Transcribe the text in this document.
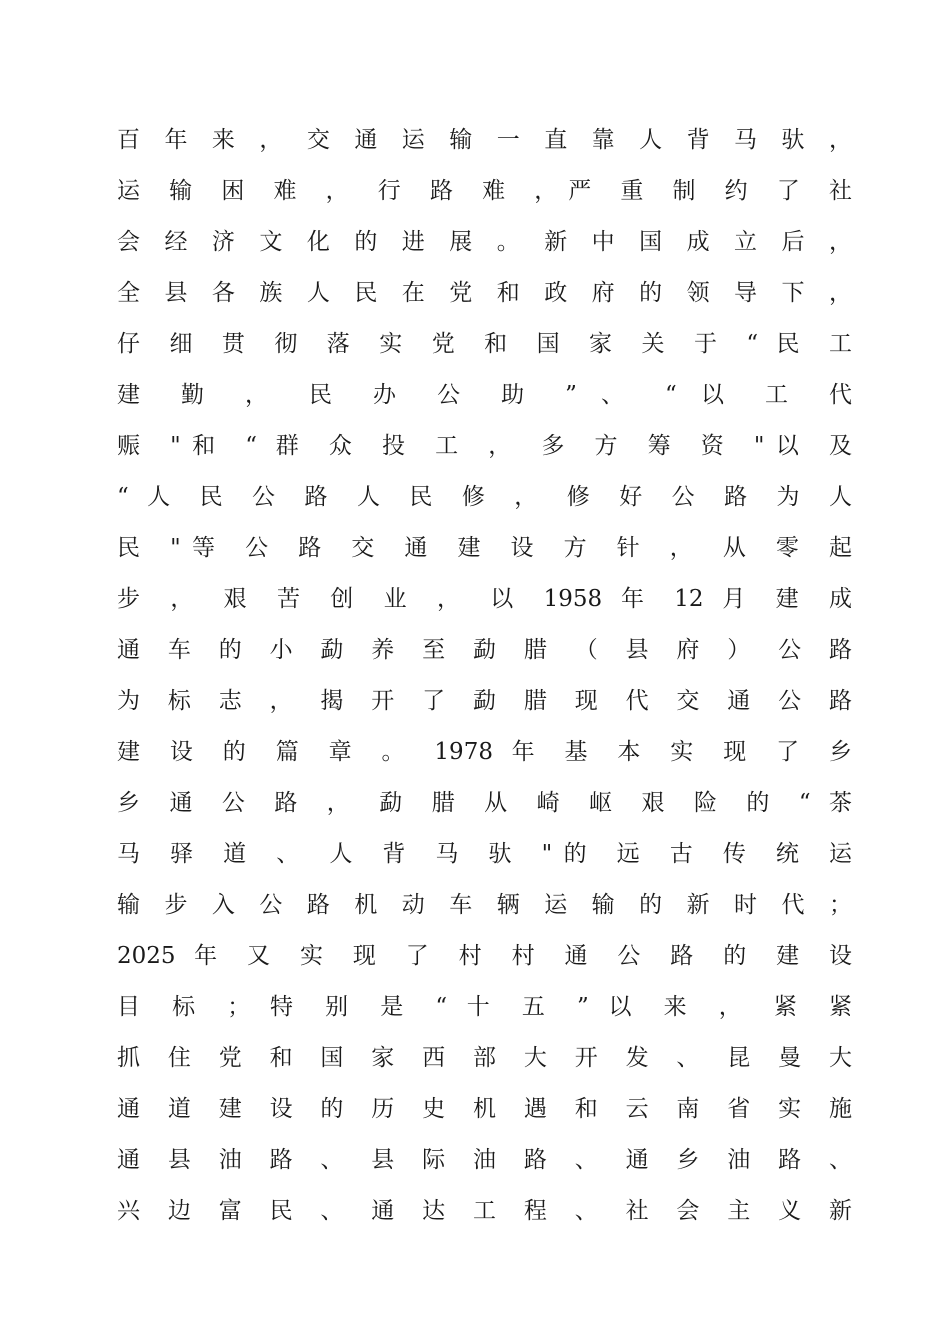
百 年 来 ， 交 通 运 输 一 直 靠 人 背 马 驮 ，
运 输 困 难 ， 行 路 难 ，严 重 制 约 了 社
会 经 济 文 化 的 进 展 。 新 中 国 成 立 后 ，
全 县 各 族 人 民 在 党 和 政 府 的 领 导 下 ，
仔 细 贯 彻 落 实 党 和 国 家 关 于 “ 民 工
建 勤 ， 民 办 公 助 ” 、 “ 以 工 代
赈 "和 “ 群 众 投 工 ， 多 方 筹 资 "以 及
“ 人 民 公 路 人 民 修 ， 修 好 公 路 为 人
民 "等 公 路 交 通 建 设 方 针 ， 从 零 起
步 ， 艰 苦 创 业 ， 以 1958 年 12 月 建 成
通 车 的 小 勐 养 至 勐 腊 （ 县 府 ） 公 路
为 标 志 ， 揭 开 了 勐 腊 现 代 交 通 公 路
建 设 的 篇 章 。 1978 年 基 本 实 现 了 乡
乡 通 公 路 ， 勐 腊 从 崎 岖 艰 险 的 “ 茶
马 驿 道 、 人 背 马 驮 "的 远 古 传 统 运
输 步 入 公 路 机 动 车 辆 运 输 的 新 时 代 ；
2025 年 又 实 现 了 村 村 通 公 路 的 建 设
目 标 ； 特 别 是 “ 十 五 ” 以 来 ， 紧 紧
抓 住 党 和 国 家 西 部 大 开 发 、 昆 曼 大
通 道 建 设 的 历 史 机 遇 和 云 南 省 实 施
通 县 油 路 、 县 际 油 路 、 通 乡 油 路 、
兴 边 富 民 、 通 达 工 程 、 社 会 主 义 新
